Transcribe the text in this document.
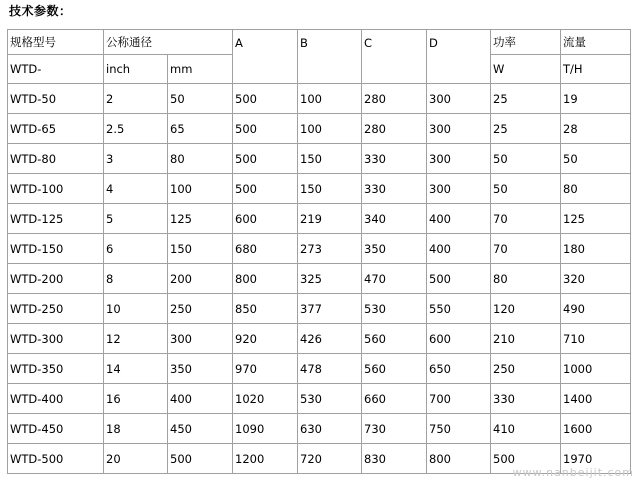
技术参数：
规格型号	公称通径		A	B	C	D	功率	流量
WTD-	inch	mm					W	T/H
WTD-50	2	50	500	100	280	300	25	19
WTD-65	2.5	65	500	100	280	300	25	28
WTD-80	3	80	500	150	330	300	50	50
WTD-100	4	100	500	150	330	300	50	80
WTD-125	5	125	600	219	340	400	70	125
WTD-150	6	150	680	273	350	400	70	180
WTD-200	8	200	800	325	470	500	80	320
WTD-250	10	250	850	377	530	550	120	490
WTD-300	12	300	920	426	560	600	210	710
WTD-350	14	350	970	478	560	650	250	1000
WTD-400	16	400	1020	530	660	700	330	1400
WTD-450	18	450	1090	630	730	750	410	1600
WTD-500	20	500	1200	720	830	800	500	1970
www.nanbeijit.com
